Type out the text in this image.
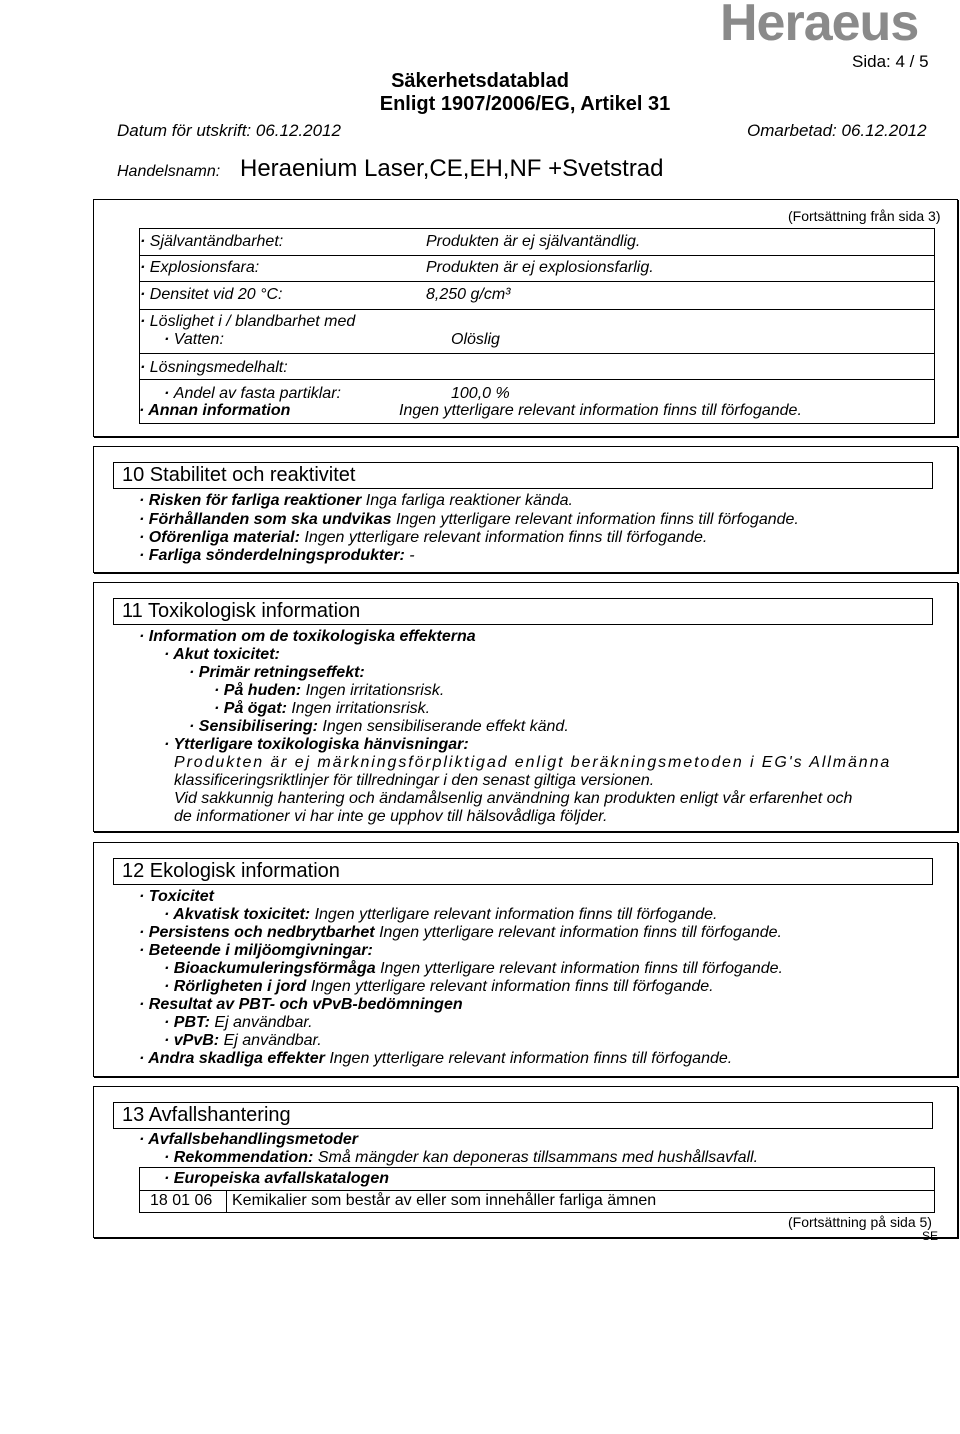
Heraeus
Sida: 4 / 5
Säkerhetsdatablad
Enligt 1907/2006/EG, Artikel 31
Datum för utskrift: 06.12.2012	Omarbetad: 06.12.2012
Handelsnamn: Heraenium Laser,CE,EH,NF +Svetstrad
(Fortsättning från sida 3)
· Självantändbarhet:	Produkten är ej självantändlig.
· Explosionsfara:	Produkten är ej explosionsfarlig.
· Densitet vid 20 °C:	8,250 g/cm³
· Löslighet i / blandbarhet med
· Vatten:	Olöslig
· Lösningsmedelhalt:
· Andel av fasta partiklar:	100,0 %
· Annan information	Ingen ytterligare relevant information finns till förfogande.
10 Stabilitet och reaktivitet
· Risken för farliga reaktioner Inga farliga reaktioner kända.
· Förhållanden som ska undvikas Ingen ytterligare relevant information finns till förfogande.
· Oförenliga material: Ingen ytterligare relevant information finns till förfogande.
· Farliga sönderdelningsprodukter: -
11 Toxikologisk information
· Information om de toxikologiska effekterna
· Akut toxicitet:
· Primär retningseffekt:
· På huden: Ingen irritationsrisk.
· På ögat: Ingen irritationsrisk.
· Sensibilisering: Ingen sensibiliserande effekt känd.
· Ytterligare toxikologiska hänvisningar:
Produkten är ej märkningsförpliktigad enligt beräkningsmetoden i EG's Allmänna
klassificeringsriktlinjer för tillredningar i den senast giltiga versionen.
Vid sakkunnig hantering och ändamålsenlig användning kan produkten enligt vår erfarenhet och
de informationer vi har inte ge upphov till hälsovådliga följder.
12 Ekologisk information
· Toxicitet
· Akvatisk toxicitet: Ingen ytterligare relevant information finns till förfogande.
· Persistens och nedbrytbarhet Ingen ytterligare relevant information finns till förfogande.
· Beteende i miljöomgivningar:
· Bioackumuleringsförmåga Ingen ytterligare relevant information finns till förfogande.
· Rörligheten i jord Ingen ytterligare relevant information finns till förfogande.
· Resultat av PBT- och vPvB-bedömningen
· PBT: Ej användbar.
· vPvB: Ej användbar.
· Andra skadliga effekter Ingen ytterligare relevant information finns till förfogande.
13 Avfallshantering
· Avfallsbehandlingsmetoder
· Rekommendation: Små mängder kan deponeras tillsammans med hushållsavfall.
· Europeiska avfallskatalogen
18 01 06 Kemikalier som består av eller som innehåller farliga ämnen
(Fortsättning på sida 5)
SE
